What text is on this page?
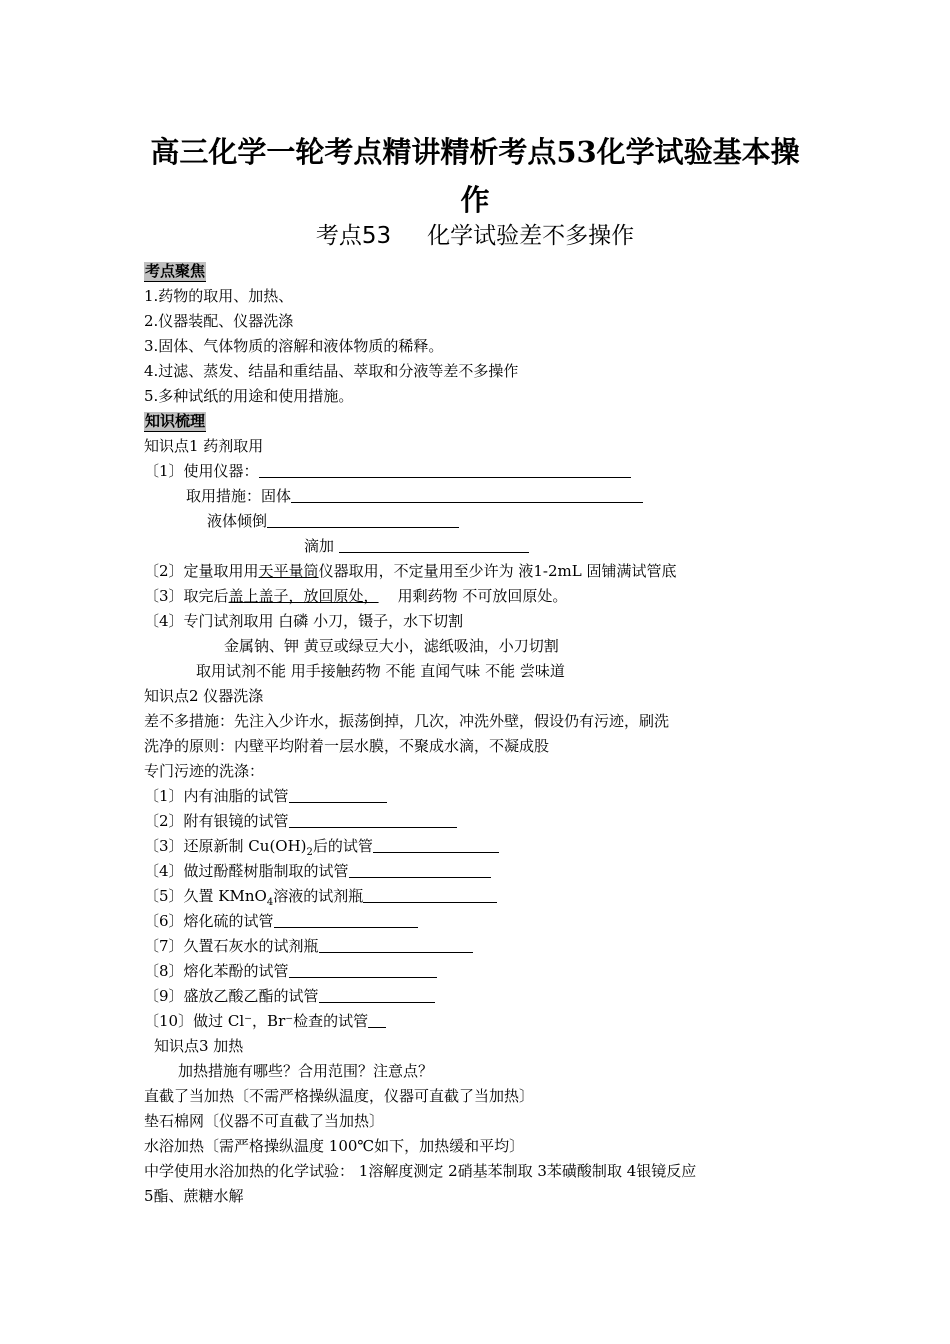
高三化学一轮考点精讲精析考点53化学试验基本操
作
考点53 化学试验差不多操作
考点聚焦
1.药物的取用、加热、
2.仪器装配、仪器洗涤
3.固体、气体物质的溶解和液体物质的稀释。
4.过滤、蒸发、结晶和重结晶、萃取和分液等差不多操作
5.多种试纸的用途和使用措施。
知识梳理
知识点1 药剂取用
〔1〕使用仪器：
取用措施：固体
液体倾倒
滴加
〔2〕定量取用用天平量筒仪器取用，不定量用至少许为 液1-2mL 固铺满试管底
〔3〕取完后盖上盖子，放回原处， 用剩药物 不可放回原处。
〔4〕专门试剂取用 白磷 小刀，镊子，水下切割
金属钠、钾 黄豆或绿豆大小，滤纸吸油，小刀切割
取用试剂不能 用手接触药物 不能 直闻气味 不能 尝味道
知识点2 仪器洗涤
差不多措施：先注入少许水，振荡倒掉，几次，冲洗外壁，假设仍有污迹，刷洗
洗净的原则：内壁平均附着一层水膜，不聚成水滴，不凝成股
专门污迹的洗涤：
〔1〕内有油脂的试管
〔2〕附有银镜的试管
〔3〕还原新制 $Cu(OH)_2$后的试管
〔4〕做过酚醛树脂制取的试管
〔5〕久置 KMnO$_4$溶液的试剂瓶
〔6〕熔化硫的试管
〔7〕久置石灰水的试剂瓶
〔8〕熔化苯酚的试管
〔9〕盛放乙酸乙酯的试管
〔10〕做过 Cl⁻，Br⁻检查的试管
知识点3 加热
加热措施有哪些？合用范围？注意点？
直截了当加热〔不需严格操纵温度，仪器可直截了当加热〕
垫石棉网〔仪器不可直截了当加热〕
水浴加热〔需严格操纵温度 100℃如下，加热缓和平均〕
中学使用水浴加热的化学试验： 1溶解度测定 2硝基苯制取 3苯磺酸制取 4银镜反应
5酯、蔗糖水解
